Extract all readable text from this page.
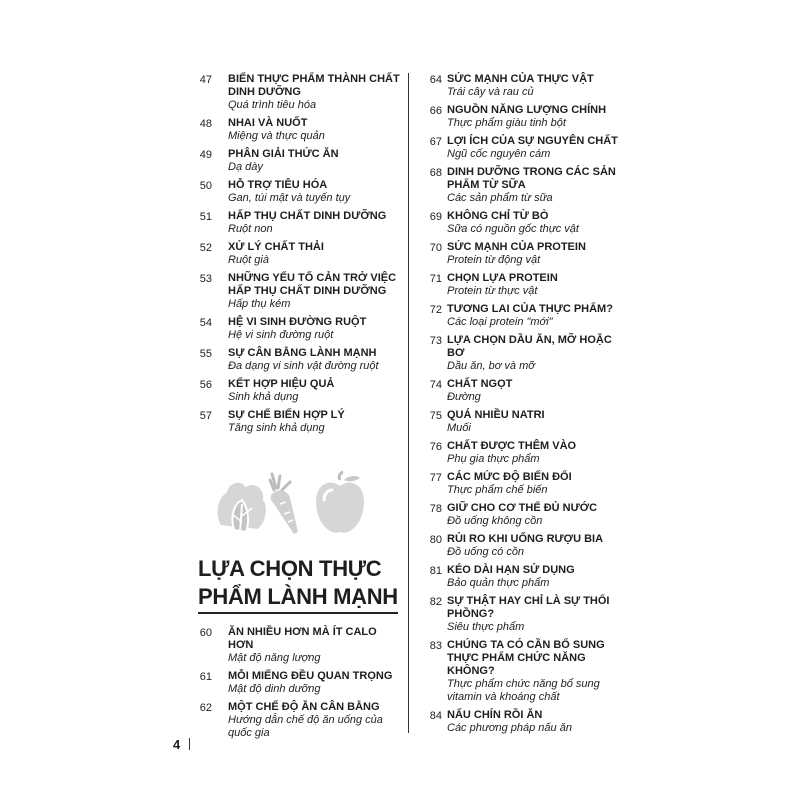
47 BIẾN THỰC PHẨM THÀNH CHẤT DINH DƯỠNG
Quá trình tiêu hóa
48 NHAI VÀ NUỐT
Miệng và thực quản
49 PHÂN GIẢI THỨC ĂN
Dạ dày
50 HỖ TRỢ TIÊU HÓA
Gan, túi mật và tuyến tụy
51 HẤP THỤ CHẤT DINH DƯỠNG
Ruột non
52 XỬ LÝ CHẤT THẢI
Ruột già
53 NHỮNG YẾU TỐ CẢN TRỞ VIỆC HẤP THỤ CHẤT DINH DƯỠNG
Hấp thụ kém
54 HỆ VI SINH ĐƯỜNG RUỘT
Hệ vi sinh đường ruột
55 SỰ CÂN BẰNG LÀNH MẠNH
Đa dạng vi sinh vật đường ruột
56 KẾT HỢP HIỆU QUẢ
Sinh khả dụng
57 SỰ CHẾ BIẾN HỢP LÝ
Tăng sinh khả dụng
LỰA CHỌN THỰC PHẨM LÀNH MẠNH
60 ĂN NHIỀU HƠN MÀ ÍT CALO HƠN
Mật độ năng lượng
61 MỖI MIẾNG ĐỀU QUAN TRỌNG
Mật độ dinh dưỡng
62 MỘT CHẾ ĐỘ ĂN CÂN BẰNG
Hướng dẫn chế độ ăn uống của quốc gia
64 SỨC MẠNH CỦA THỰC VẬT
Trái cây và rau củ
66 NGUỒN NĂNG LƯỢNG CHÍNH
Thực phẩm giàu tinh bột
67 LỢI ÍCH CỦA SỰ NGUYÊN CHẤT
Ngũ cốc nguyên cám
68 DINH DƯỠNG TRONG CÁC SẢN PHẨM TỪ SỮA
Các sản phẩm từ sữa
69 KHÔNG CHỈ TỪ BÒ
Sữa có nguồn gốc thực vật
70 SỨC MẠNH CỦA PROTEIN
Protein từ động vật
71 CHỌN LỰA PROTEIN
Protein từ thực vật
72 TƯƠNG LAI CỦA THỰC PHẨM?
Các loại protein "mới"
73 LỰA CHỌN DẦU ĂN, MỠ HOẶC BƠ
Dầu ăn, bơ và mỡ
74 CHẤT NGỌT
Đường
75 QUÁ NHIỀU NATRI
Muối
76 CHẤT ĐƯỢC THÊM VÀO
Phụ gia thực phẩm
77 CÁC MỨC ĐỘ BIẾN ĐỔI
Thực phẩm chế biến
78 GIỮ CHO CƠ THỂ ĐỦ NƯỚC
Đồ uống không cồn
80 RỦI RO KHI UỐNG RƯỢU BIA
Đồ uống có cồn
81 KÉO DÀI HẠN SỬ DỤNG
Bảo quản thực phẩm
82 SỰ THẬT HAY CHỈ LÀ SỰ THỔI PHỒNG?
Siêu thực phẩm
83 CHÚNG TA CÓ CẦN BỔ SUNG THỰC PHẨM CHỨC NĂNG KHÔNG?
Thực phẩm chức năng bổ sung vitamin và khoáng chất
84 NẤU CHÍN RỒI ĂN
Các phương pháp nấu ăn
4
